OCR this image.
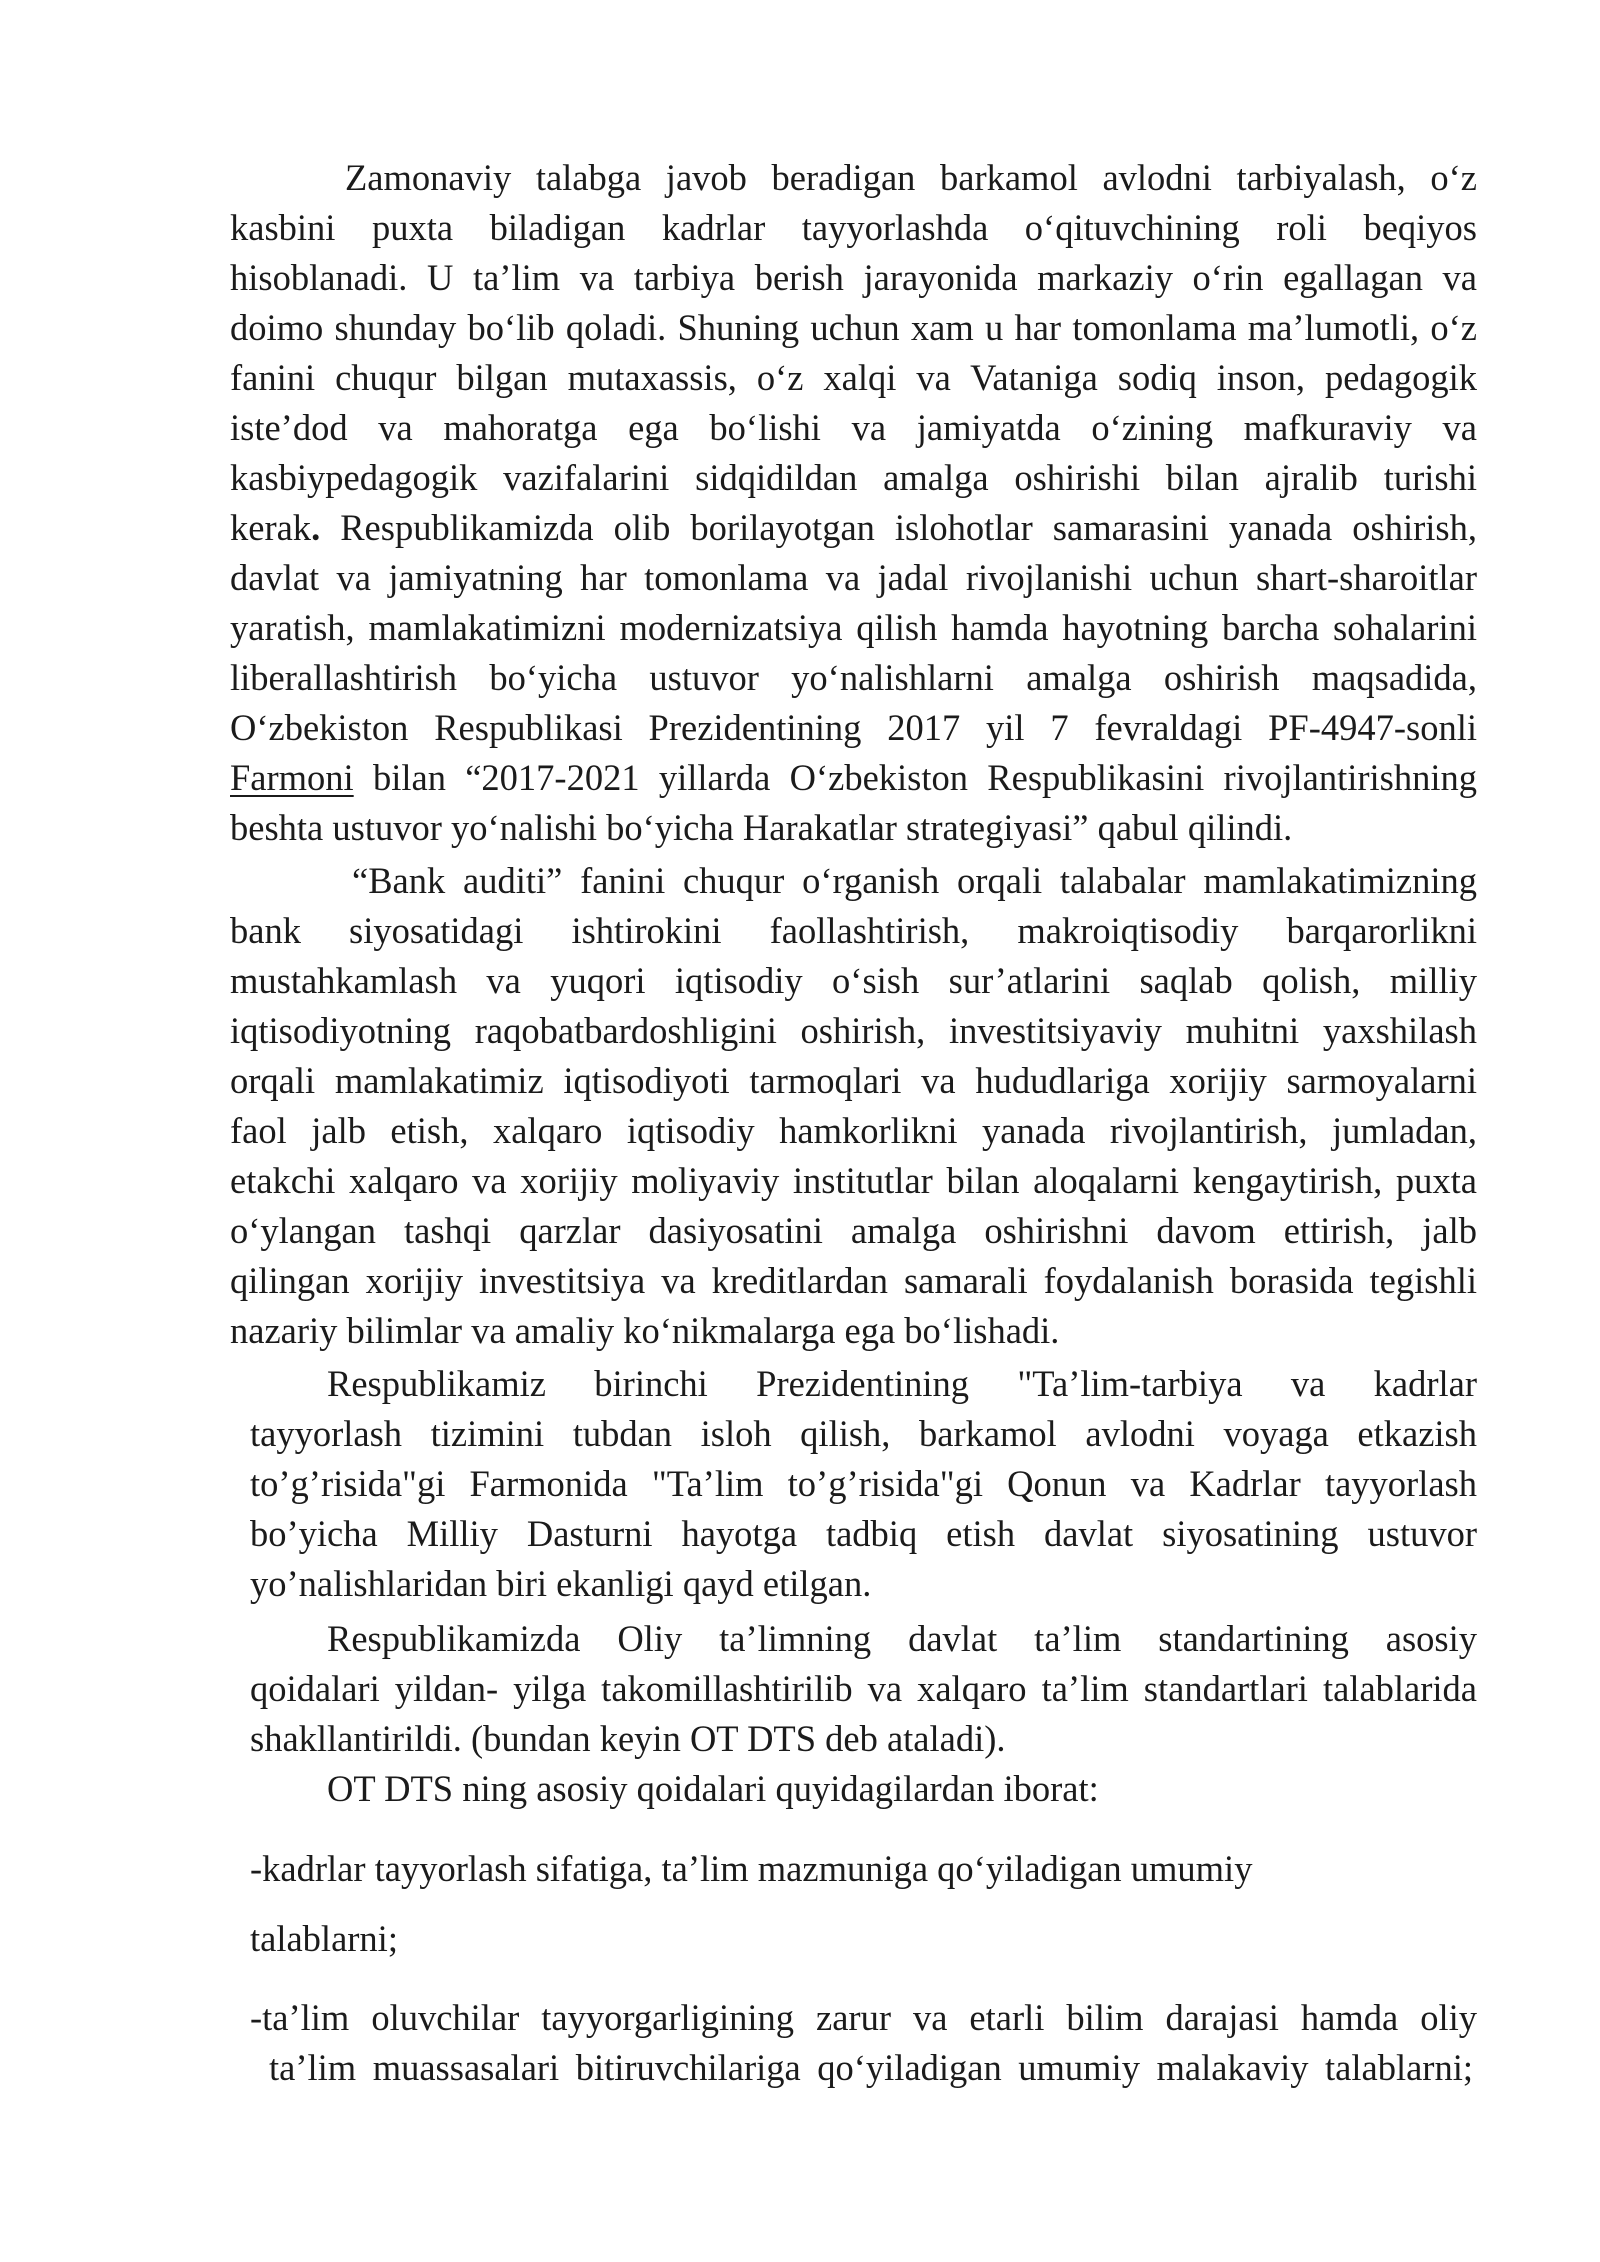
Zamonaviy talabga javob beradigan barkamol avlodni tarbiyalash, o‘z
kasbini puxta biladigan kadrlar tayyorlashda o‘qituvchining roli beqiyos
hisoblanadi. U ta’lim va tarbiya berish jarayonida markaziy o‘rin egallagan va
doimo shunday bo‘lib qoladi. Shuning uchun xam u har tomonlama ma’lumotli, o‘z
fanini chuqur bilgan mutaxassis, o‘z xalqi va Vataniga sodiq inson, pedagogik
iste’dod va mahoratga ega bo‘lishi va jamiyatda o‘zining mafkuraviy va
kasbiypedagogik vazifalarini sidqidildan amalga oshirishi bilan ajralib turishi
kerak. Respublikamizda olib borilayotgan islohotlar samarasini yanada oshirish,
davlat va jamiyatning har tomonlama va jadal rivojlanishi uchun shart-sharoitlar
yaratish, mamlakatimizni modernizatsiya qilish hamda hayotning barcha sohalarini
liberallashtirish bo‘yicha ustuvor yo‘nalishlarni amalga oshirish maqsadida,
O‘zbekiston Respublikasi Prezidentining 2017 yil 7 fevraldagi PF-4947-sonli
Farmoni bilan “2017-2021 yillarda O‘zbekiston Respublikasini rivojlantirishning
beshta ustuvor yo‘nalishi bo‘yicha Harakatlar strategiyasi” qabul qilindi.
“Bank auditi” fanini chuqur o‘rganish orqali talabalar mamlakatimizning
bank siyosatidagi ishtirokini faollashtirish, makroiqtisodiy barqarorlikni
mustahkamlash va yuqori iqtisodiy o‘sish sur’atlarini saqlab qolish, milliy
iqtisodiyotning raqobatbardoshligini oshirish, investitsiyaviy muhitni yaxshilash
orqali mamlakatimiz iqtisodiyoti tarmoqlari va hududlariga xorijiy sarmoyalarni
faol jalb etish, xalqaro iqtisodiy hamkorlikni yanada rivojlantirish, jumladan,
etakchi xalqaro va xorijiy moliyaviy institutlar bilan aloqalarni kengaytirish, puxta
o‘ylangan tashqi qarzlar dasiyosatini amalga oshirishni davom ettirish, jalb
qilingan xorijiy investitsiya va kreditlardan samarali foydalanish borasida tegishli
nazariy bilimlar va amaliy ko‘nikmalarga ega bo‘lishadi.
Respublikamiz birinchi Prezidentining "Ta’lim-tarbiya va kadrlar
tayyorlash tizimini tubdan isloh qilish, barkamol avlodni voyaga etkazish
to’g’risida"gi Farmonida "Ta’lim to’g’risida"gi Qonun va Kadrlar tayyorlash
bo’yicha Milliy Dasturni hayotga tadbiq etish davlat siyosatining ustuvor
yo’nalishlaridan biri ekanligi qayd etilgan.
Respublikamizda Oliy ta’limning davlat ta’lim standartining asosiy
qoidalari yildan- yilga takomillashtirilib va xalqaro ta’lim standartlari talablarida
shakllantirildi. (bundan keyin OT DTS deb ataladi).
OT DTS ning asosiy qoidalari quyidagilardan iborat:
-kadrlar tayyorlash sifatiga, ta’lim mazmuniga qo‘yiladigan umumiy
talablarni;
-ta’lim oluvchilar tayyorgarligining zarur va etarli bilim darajasi hamda oliy
ta’lim muassasalari bitiruvchilariga qo‘yiladigan umumiy malakaviy talablarni;
